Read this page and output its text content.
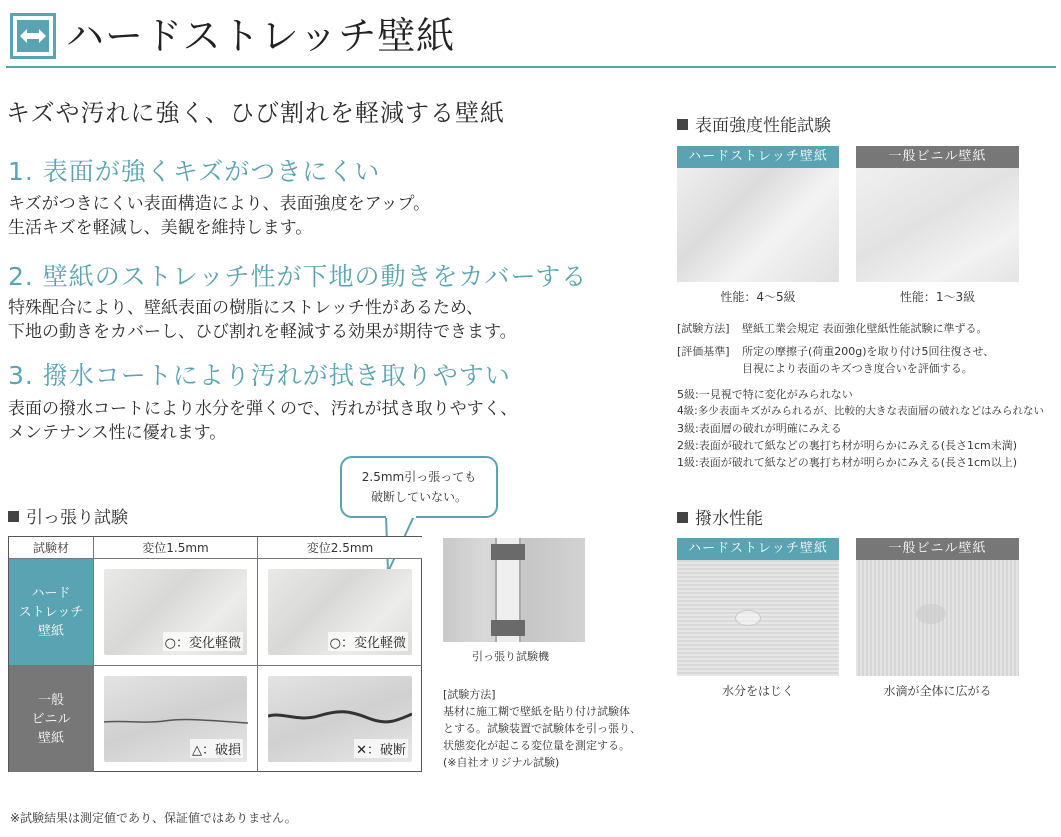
ハードストレッチ壁紙
キズや汚れに強く、ひび割れを軽減する壁紙
1. 表面が強くキズがつきにくい
キズがつきにくい表面構造により、表面強度をアップ。
生活キズを軽減し、美観を維持します。
2. 壁紙のストレッチ性が下地の動きをカバーする
特殊配合により、壁紙表面の樹脂にストレッチ性があるため、
下地の動きをカバーし、ひび割れを軽減する効果が期待できます。
3. 撥水コートにより汚れが拭き取りやすい
表面の撥水コートにより水分を弾くので、汚れが拭き取りやすく、
メンテナンス性に優れます。
2.5mm引っ張っても
破断していない。
引っ張り試験
試験材	変位1.5mm	変位2.5mm
ハード
ストレッチ
壁紙
○：変化軽微	○：変化軽微
一般
ビニル
壁紙
△：破損	✕：破断
引っ張り試験機
[試験方法]
基材に施工糊で壁紙を貼り付け試験体
とする。試験装置で試験体を引っ張り、
状態変化が起こる変位量を測定する。
(※自社オリジナル試験)
表面強度性能試験
ハードストレッチ壁紙	一般ビニル壁紙
性能：4〜5級	性能：1〜3級
[試験方法] 壁紙工業会規定 表面強化壁紙性能試験に準ずる。
[評価基準] 所定の摩擦子(荷重200g)を取り付け5回往復させ、
目視により表面のキズつき度合いを評価する。
5級:一見視で特に変化がみられない
4級:多少表面キズがみられるが、比較的大きな表面層の破れなどはみられない
3級:表面層の破れが明確にみえる
2級:表面が破れて紙などの裏打ち材が明らかにみえる(長さ1cm未満)
1級:表面が破れて紙などの裏打ち材が明らかにみえる(長さ1cm以上)
撥水性能
ハードストレッチ壁紙	一般ビニル壁紙
水分をはじく	水滴が全体に広がる
※試験結果は測定値であり、保証値ではありません。
